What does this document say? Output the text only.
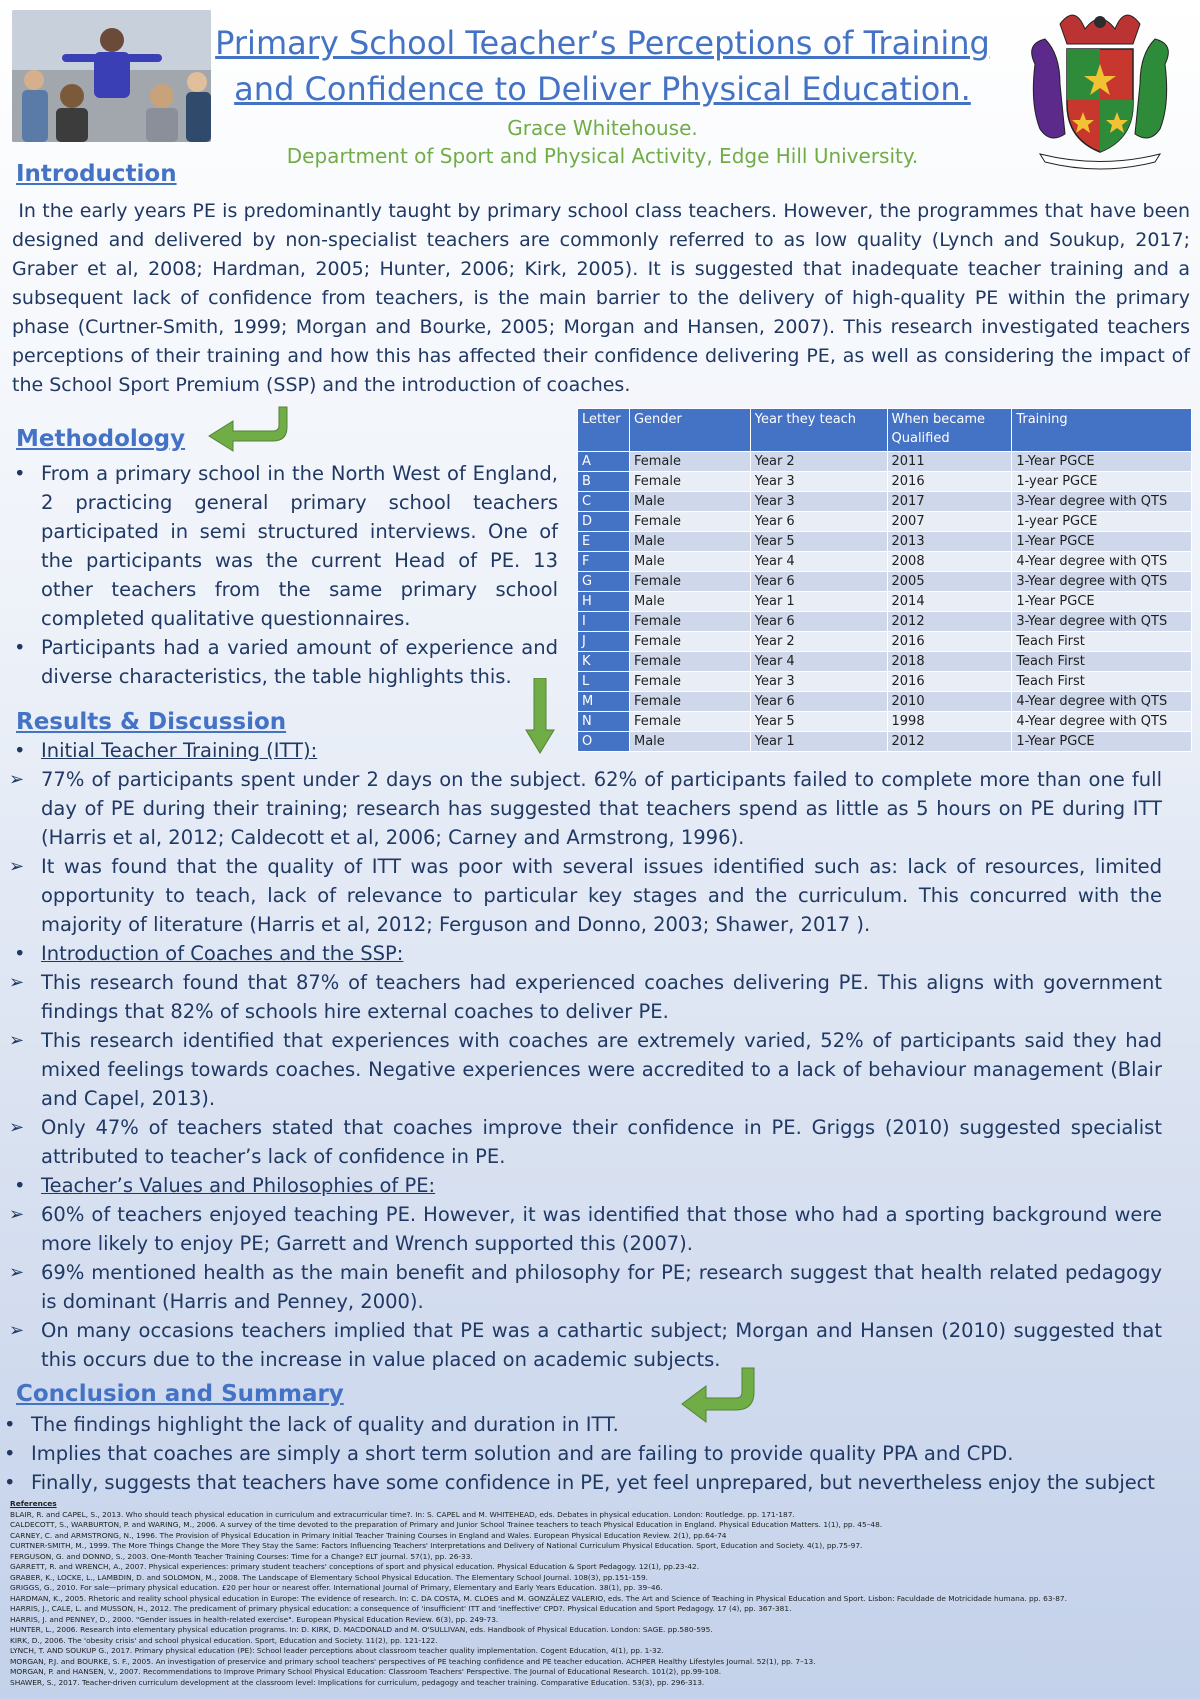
Primary School Teacher’s Perceptions of Training
and Confidence to Deliver Physical Education.
Grace Whitehouse.
Department of Sport and Physical Activity, Edge Hill University.
Introduction
In the early years PE is predominantly taught by primary school class teachers. However, the programmes that have been designed and delivered by non-specialist teachers are commonly referred to as low quality (Lynch and Soukup, 2017; Graber et al, 2008; Hardman, 2005; Hunter, 2006; Kirk, 2005). It is suggested that inadequate teacher training and a subsequent lack of confidence from teachers, is the main barrier to the delivery of high-quality PE within the primary phase (Curtner-Smith, 1999; Morgan and Bourke, 2005; Morgan and Hansen, 2007). This research investigated teachers perceptions of their training and how this has affected their confidence delivering PE, as well as considering the impact of the School Sport Premium (SSP) and the introduction of coaches.
Methodology
• From a primary school in the North West of England, 2 practicing general primary school teachers participated in semi structured interviews. One of the participants was the current Head of PE. 13 other teachers from the same primary school completed qualitative questionnaires.
• Participants had a varied amount of experience and diverse characteristics, the table highlights this.
Letter	Gender	Year they teach	When became Qualified	Training
A	Female	Year 2	2011	1-Year PGCE
B	Female	Year 3	2016	1-year PGCE
C	Male	Year 3	2017	3-Year degree with QTS
D	Female	Year 6	2007	1-year PGCE
E	Male	Year 5	2013	1-Year PGCE
F	Male	Year 4	2008	4-Year degree with QTS
G	Female	Year 6	2005	3-Year degree with QTS
H	Male	Year 1	2014	1-Year PGCE
I	Female	Year 6	2012	3-Year degree with QTS
J	Female	Year 2	2016	Teach First
K	Female	Year 4	2018	Teach First
L	Female	Year 3	2016	Teach First
M	Female	Year 6	2010	4-Year degree with QTS
N	Female	Year 5	1998	4-Year degree with QTS
O	Male	Year 1	2012	1-Year PGCE
Results & Discussion
• Initial Teacher Training (ITT):
➢ 77% of participants spent under 2 days on the subject. 62% of participants failed to complete more than one full day of PE during their training; research has suggested that teachers spend as little as 5 hours on PE during ITT (Harris et al, 2012; Caldecott et al, 2006; Carney and Armstrong, 1996).
➢ It was found that the quality of ITT was poor with several issues identified such as: lack of resources, limited opportunity to teach, lack of relevance to particular key stages and the curriculum. This concurred with the majority of literature (Harris et al, 2012; Ferguson and Donno, 2003; Shawer, 2017 ).
• Introduction of Coaches and the SSP:
➢ This research found that 87% of teachers had experienced coaches delivering PE. This aligns with government findings that 82% of schools hire external coaches to deliver PE.
➢ This research identified that experiences with coaches are extremely varied, 52% of participants said they had mixed feelings towards coaches. Negative experiences were accredited to a lack of behaviour management (Blair and Capel, 2013).
➢ Only 47% of teachers stated that coaches improve their confidence in PE. Griggs (2010) suggested specialist attributed to teacher’s lack of confidence in PE.
• Teacher’s Values and Philosophies of PE:
➢ 60% of teachers enjoyed teaching PE. However, it was identified that those who had a sporting background were more likely to enjoy PE; Garrett and Wrench supported this (2007).
➢ 69% mentioned health as the main benefit and philosophy for PE; research suggest that health related pedagogy is dominant (Harris and Penney, 2000).
➢ On many occasions teachers implied that PE was a cathartic subject; Morgan and Hansen (2010) suggested that this occurs due to the increase in value placed on academic subjects.
Conclusion and Summary
• The findings highlight the lack of quality and duration in ITT.
• Implies that coaches are simply a short term solution and are failing to provide quality PPA and CPD.
• Finally, suggests that teachers have some confidence in PE, yet feel unprepared, but nevertheless enjoy the subject
References
BLAIR, R. and CAPEL, S., 2013. Who should teach physical education in curriculum and extracurricular time?. In: S. CAPEL and M. WHITEHEAD, eds. Debates in physical education. London: Routledge. pp. 171-187.
CALDECOTT, S., WARBURTON, P. and WARING, M., 2006. A survey of the time devoted to the preparation of Primary and Junior School Trainee teachers to teach Physical Education in England. Physical Education Matters. 1(1), pp. 45–48.
CARNEY, C. and ARMSTRONG, N., 1996. The Provision of Physical Education in Primary Initial Teacher Training Courses in England and Wales. European Physical Education Review. 2(1), pp.64-74
CURTNER-SMITH, M., 1999. The More Things Change the More They Stay the Same: Factors Influencing Teachers' Interpretations and Delivery of National Curriculum Physical Education. Sport, Education and Society. 4(1), pp.75-97.
FERGUSON, G. and DONNO, S., 2003. One-Month Teacher Training Courses: Time for a Change? ELT journal. 57(1), pp. 26-33.
GARRETT, R. and WRENCH, A., 2007. Physical experiences: primary student teachers' conceptions of sport and physical education. Physical Education & Sport Pedagogy. 12(1), pp.23-42.
GRABER, K., LOCKE, L., LAMBDIN, D. and SOLOMON, M., 2008. The Landscape of Elementary School Physical Education. The Elementary School Journal. 108(3), pp.151-159.
GRIGGS, G., 2010. For sale—primary physical education. £20 per hour or nearest offer. International Journal of Primary, Elementary and Early Years Education. 38(1), pp. 39–46.
HARDMAN, K., 2005. Rhetoric and reality school physical education in Europe: The evidence of research. In: C. DA COSTA, M. CLOES and M. GONZÁLEZ VALERIO, eds. The Art and Science of Teaching in Physical Education and Sport. Lisbon: Faculdade de Motricidade humana. pp. 63-87.
HARRIS, J., CALE, L. and MUSSON, H., 2012. The predicament of primary physical education: a consequence of 'insufficient' ITT and 'ineffective' CPD?. Physical Education and Sport Pedagogy. 17 (4), pp. 367-381.
HARRIS, J. and PENNEY, D., 2000. "Gender issues in health-related exercise". European Physical Education Review. 6(3), pp. 249-73.
HUNTER, L., 2006. Research into elementary physical education programs. In: D. KIRK, D. MACDONALD and M. O'SULLIVAN, eds. Handbook of Physical Education. London: SAGE. pp.580-595.
KIRK, D., 2006. The 'obesity crisis' and school physical education. Sport, Education and Society. 11(2), pp. 121-122.
LYNCH, T. AND SOUKUP G., 2017. Primary physical education (PE): School leader perceptions about classroom teacher quality implementation. Cogent Education, 4(1), pp. 1-32.
MORGAN, P.J. and BOURKE, S. F., 2005. An investigation of preservice and primary school teachers' perspectives of PE teaching confidence and PE teacher education. ACHPER Healthy Lifestyles Journal. 52(1), pp. 7–13.
MORGAN, P. and HANSEN, V., 2007. Recommendations to Improve Primary School Physical Education: Classroom Teachers' Perspective. The Journal of Educational Research. 101(2), pp.99-108.
SHAWER, S., 2017. Teacher-driven curriculum development at the classroom level: Implications for curriculum, pedagogy and teacher training. Comparative Education. 53(3), pp. 296-313.
